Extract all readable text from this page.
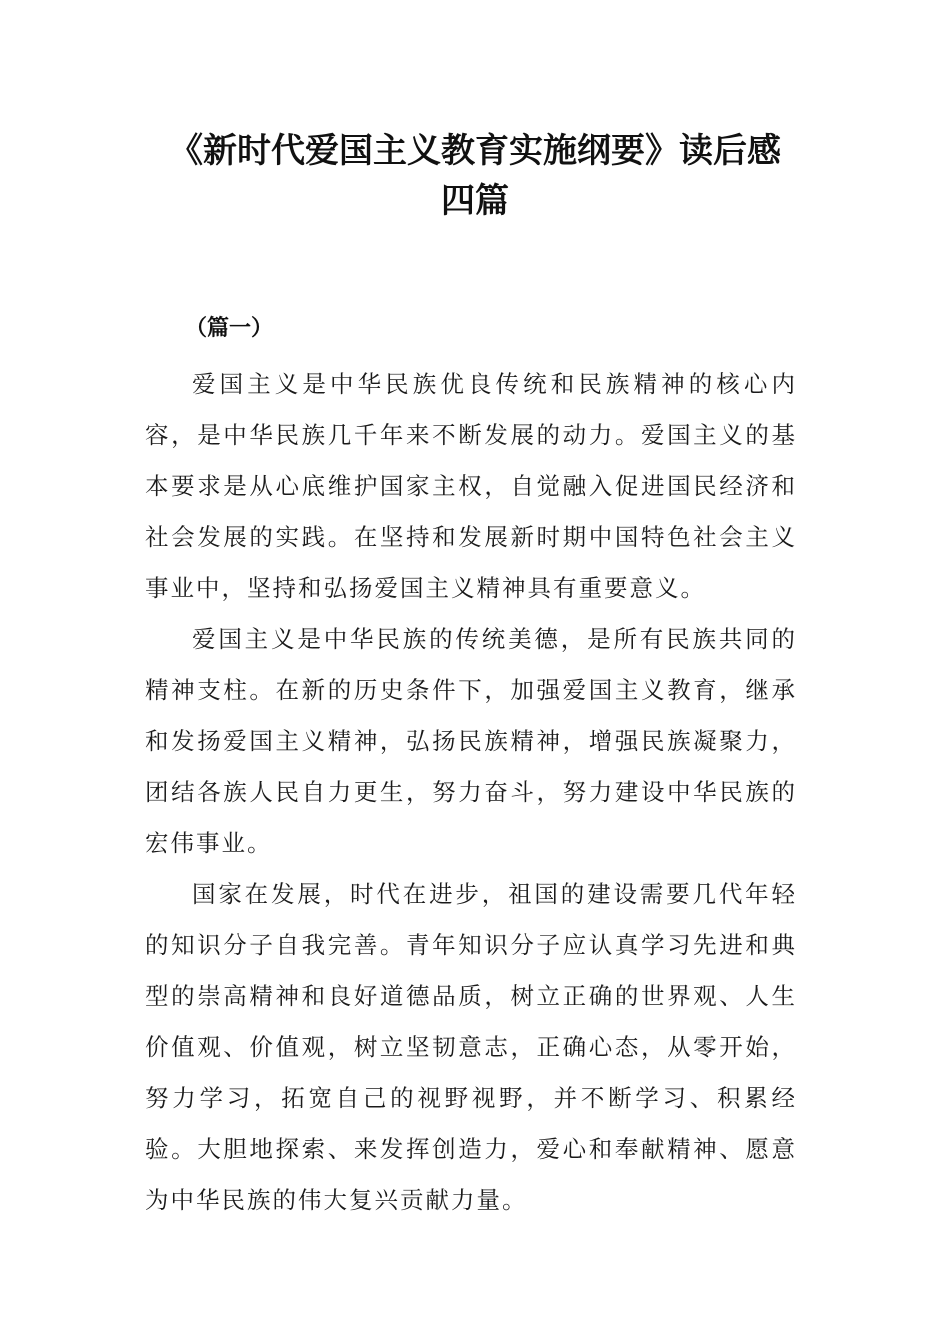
《新时代爱国主义教育实施纲要》读后感
四篇

（篇一）

爱国主义是中华民族优良传统和民族精神的核心内容，是中华民族几千年来不断发展的动力。爱国主义的基本要求是从心底维护国家主权，自觉融入促进国民经济和社会发展的实践。在坚持和发展新时期中国特色社会主义事业中，坚持和弘扬爱国主义精神具有重要意义。

爱国主义是中华民族的传统美德，是所有民族共同的精神支柱。在新的历史条件下，加强爱国主义教育，继承和发扬爱国主义精神，弘扬民族精神，增强民族凝聚力，团结各族人民自力更生，努力奋斗，努力建设中华民族的宏伟事业。

国家在发展，时代在进步，祖国的建设需要几代年轻的知识分子自我完善。青年知识分子应认真学习先进和典型的崇高精神和良好道德品质，树立正确的世界观、人生价值观、价值观，树立坚韧意志，正确心态，从零开始，努力学习，拓宽自己的视野视野，并不断学习、积累经验。大胆地探索、来发挥创造力，爱心和奉献精神、愿意为中华民族的伟大复兴贡献力量。
